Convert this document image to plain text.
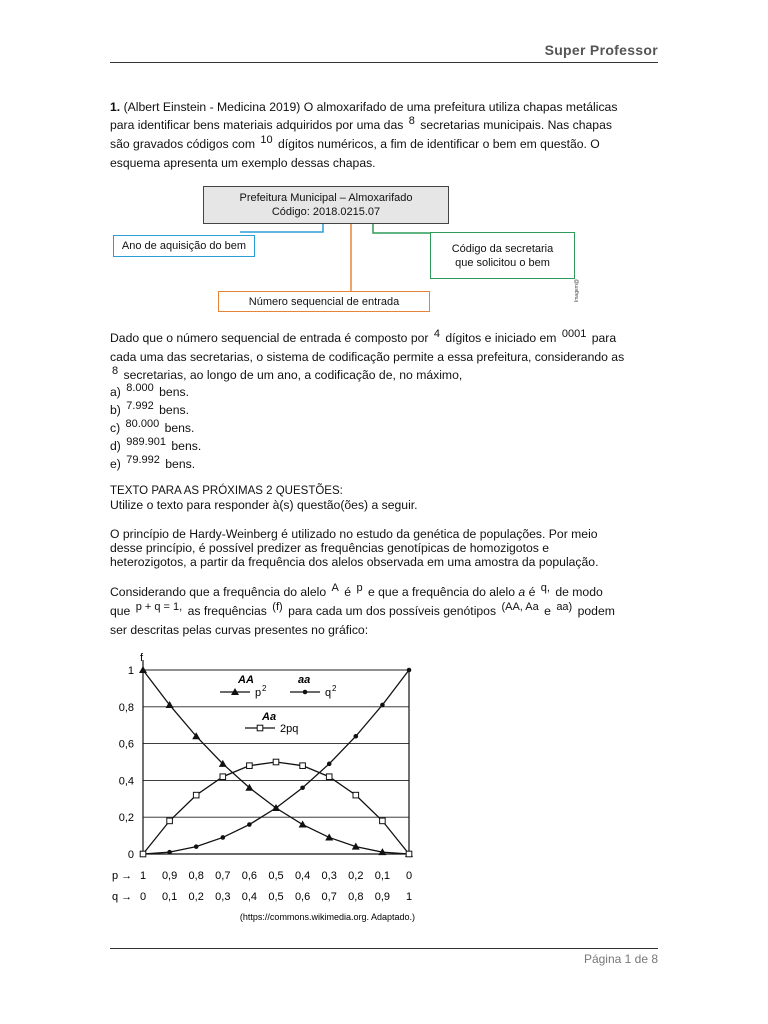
Super Professor
1. (Albert Einstein - Medicina 2019) O almoxarifado de uma prefeitura utiliza chapas metálicas
para identificar bens materiais adquiridos por uma das 8 secretarias municipais. Nas chapas
são gravados códigos com 10 dígitos numéricos, a fim de identificar o bem em questão. O
esquema apresenta um exemplo dessas chapas.
Prefeitura Municipal – Almoxarifado
Código: 2018.0215.07
Ano de aquisição do bem	Código da secretaria
que solicitou o bem
Número sequencial de entrada	Imagem@
Dado que o número sequencial de entrada é composto por 4 dígitos e iniciado em 0001 para
cada uma das secretarias, o sistema de codificação permite a essa prefeitura, considerando as
8 secretarias, ao longo de um ano, a codificação de, no máximo,
a) 8.000 bens.
b) 7.992 bens.
c) 80.000 bens.
d) 989.901 bens.
e) 79.992 bens.
TEXTO PARA AS PRÓXIMAS 2 QUESTÕES:
Utilize o texto para responder à(s) questão(ões) a seguir.
O princípio de Hardy-Weinberg é utilizado no estudo da genética de populações. Por meio
desse princípio, é possível predizer as frequências genotípicas de homozigotos e
heterozigotos, a partir da frequência dos alelos observada em uma amostra da população.
Considerando que a frequência do alelo A é p e que a frequência do alelo a é q, de modo
que p + q = 1, as frequências (f) para cada um dos possíveis genótipos (AA, Aa e aa) podem
ser descritas pelas curvas presentes no gráfico:
0
0,2
0,4
0,6
0,8
1
f
AA
p 2
aa
q 2
Aa
2pq
p →
q →
1 0,9 0,8 0,7 0,6 0,5 0,4 0,3 0,2 0,1 0
0 0,1 0,2 0,3 0,4 0,5 0,6 0,7 0,8 0,9 1
(https://commons.wikimedia.org. Adaptado.)
Página 1 de 8
